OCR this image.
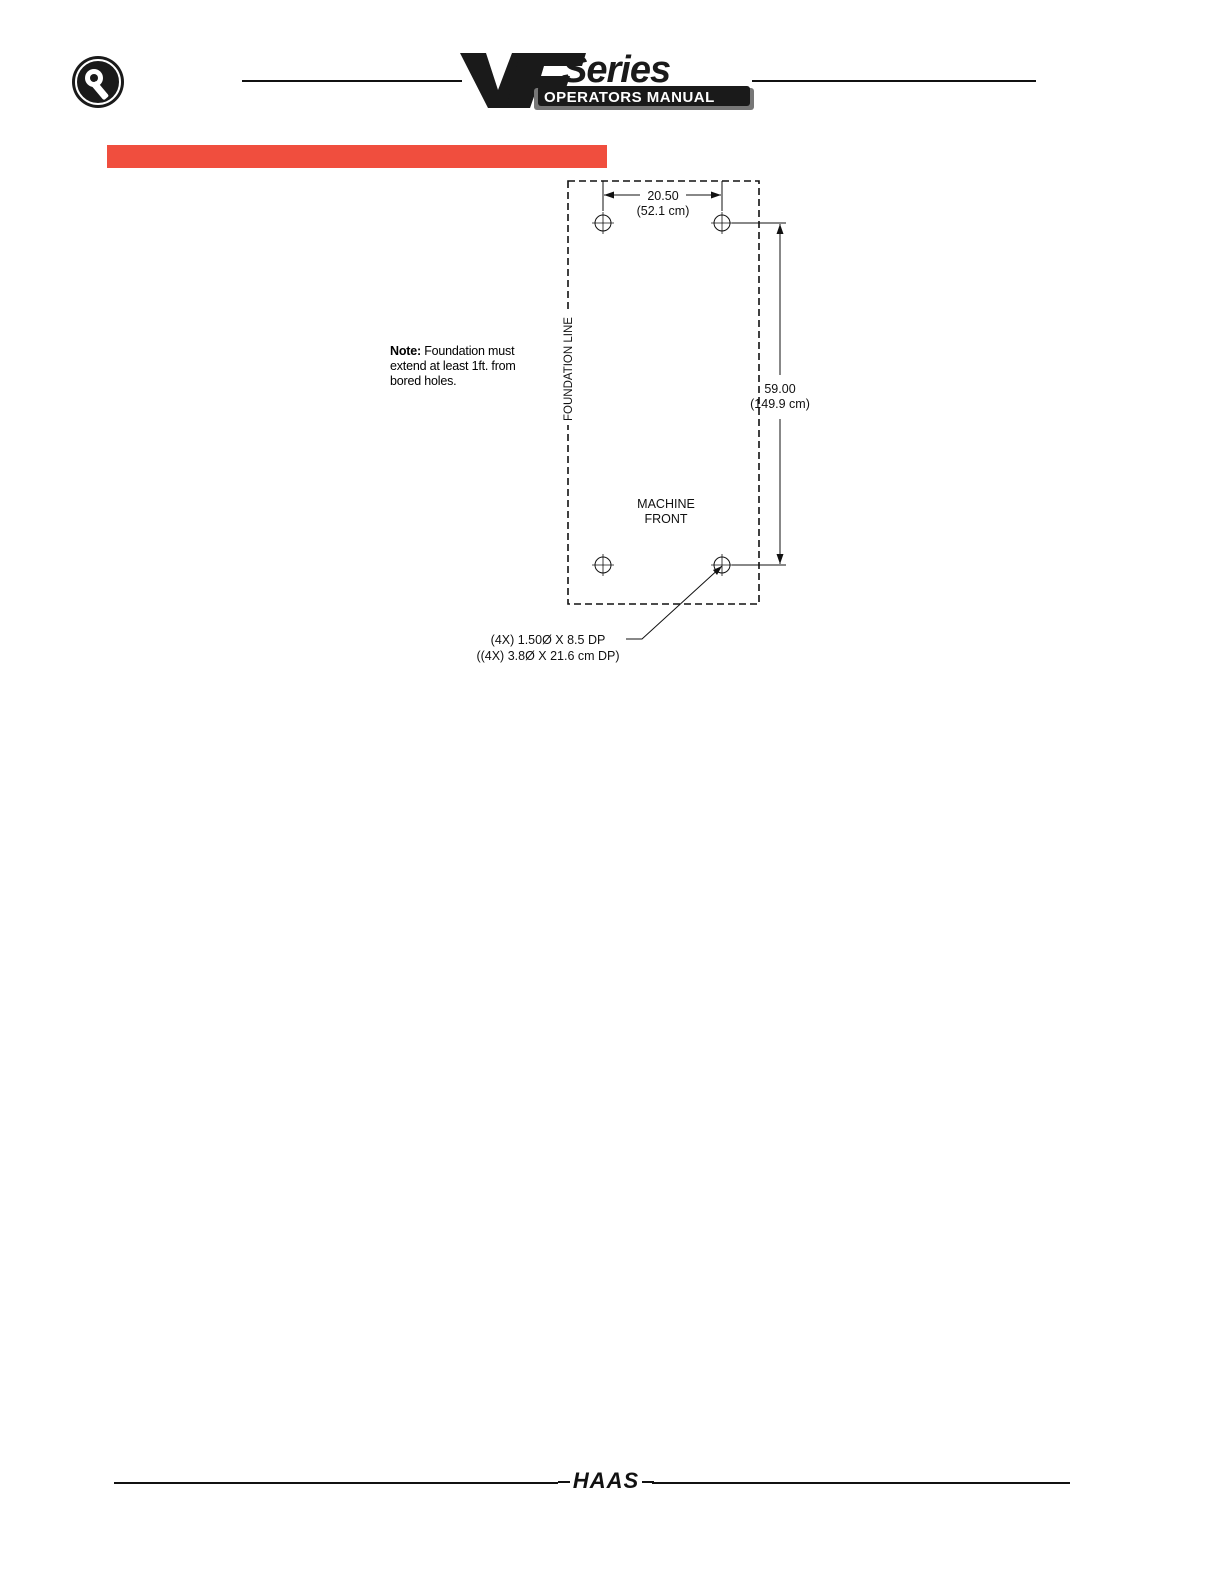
Series
OPERATORS MANUAL
Note: Foundation must extend at least 1ft. from bored holes.	FOUNDATION LINE
20.50
(52.1 cm)
59.00
(149.9 cm)
MACHINE
FRONT
(4X) 1.50Ø X 8.5 DP
((4X) 3.8Ø X 21.6 cm DP)
HAAS
